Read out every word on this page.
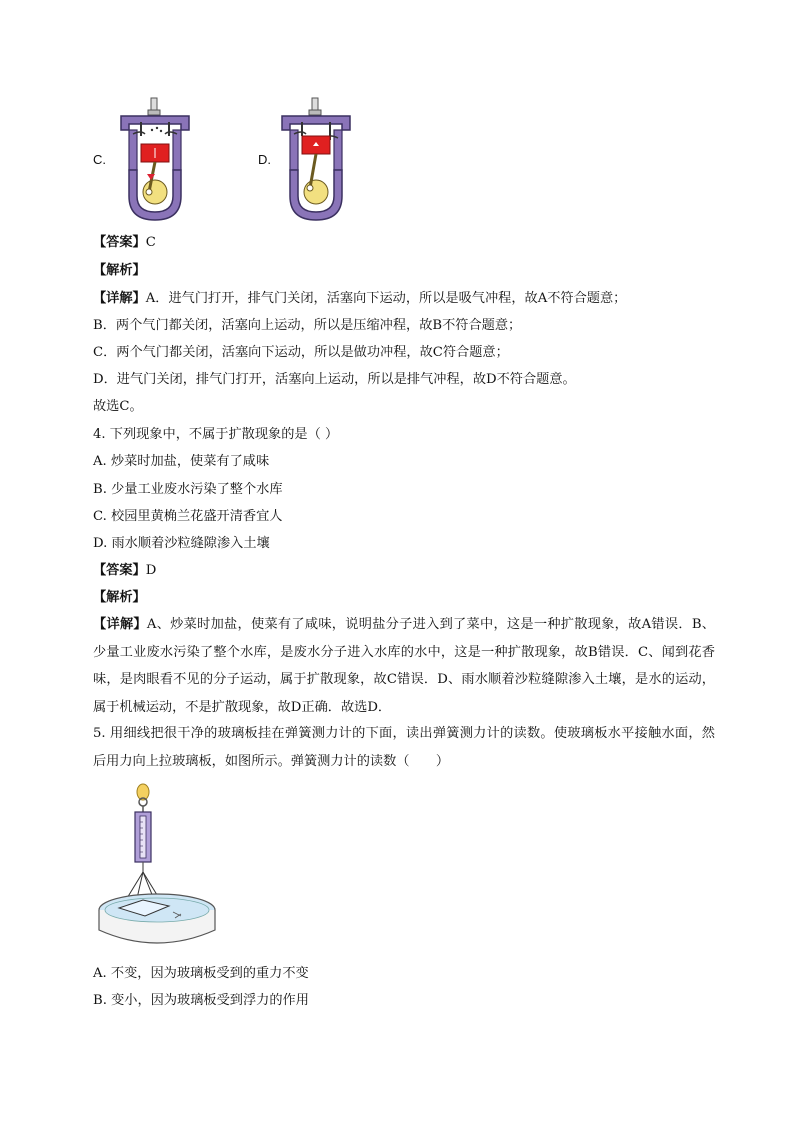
C.	D.
【答案】C
【解析】
【详解】A．进气门打开，排气门关闭，活塞向下运动，所以是吸气冲程，故A不符合题意；
B．两个气门都关闭，活塞向上运动，所以是压缩冲程，故B不符合题意；
C．两个气门都关闭，活塞向下运动，所以是做功冲程，故C符合题意；
D．进气门关闭，排气门打开，活塞向上运动，所以是排气冲程，故D不符合题意。
故选C。
4. 下列现象中，不属于扩散现象的是（ ）
A. 炒菜时加盐，使菜有了咸味
B. 少量工业废水污染了整个水库
C. 校园里黄桷兰花盛开清香宜人
D. 雨水顺着沙粒缝隙渗入土壤
【答案】D
【解析】
【详解】A、炒菜时加盐，使菜有了咸味，说明盐分子进入到了菜中，这是一种扩散现象，故A错误．B、少量工业废水污染了整个水库，是废水分子进入水库的水中，这是一种扩散现象，故B错误．C、闻到花香味，是肉眼看不见的分子运动，属于扩散现象，故C错误．D、雨水顺着沙粒缝隙渗入土壤，是水的运动，属于机械运动，不是扩散现象，故D正确．故选D．
5. 用细线把很干净的玻璃板挂在弹簧测力计的下面，读出弹簧测力计的读数。使玻璃板水平接触水面，然后用力向上拉玻璃板，如图所示。弹簧测力计的读数（　　）
A. 不变，因为玻璃板受到的重力不变
B. 变小，因为玻璃板受到浮力的作用
